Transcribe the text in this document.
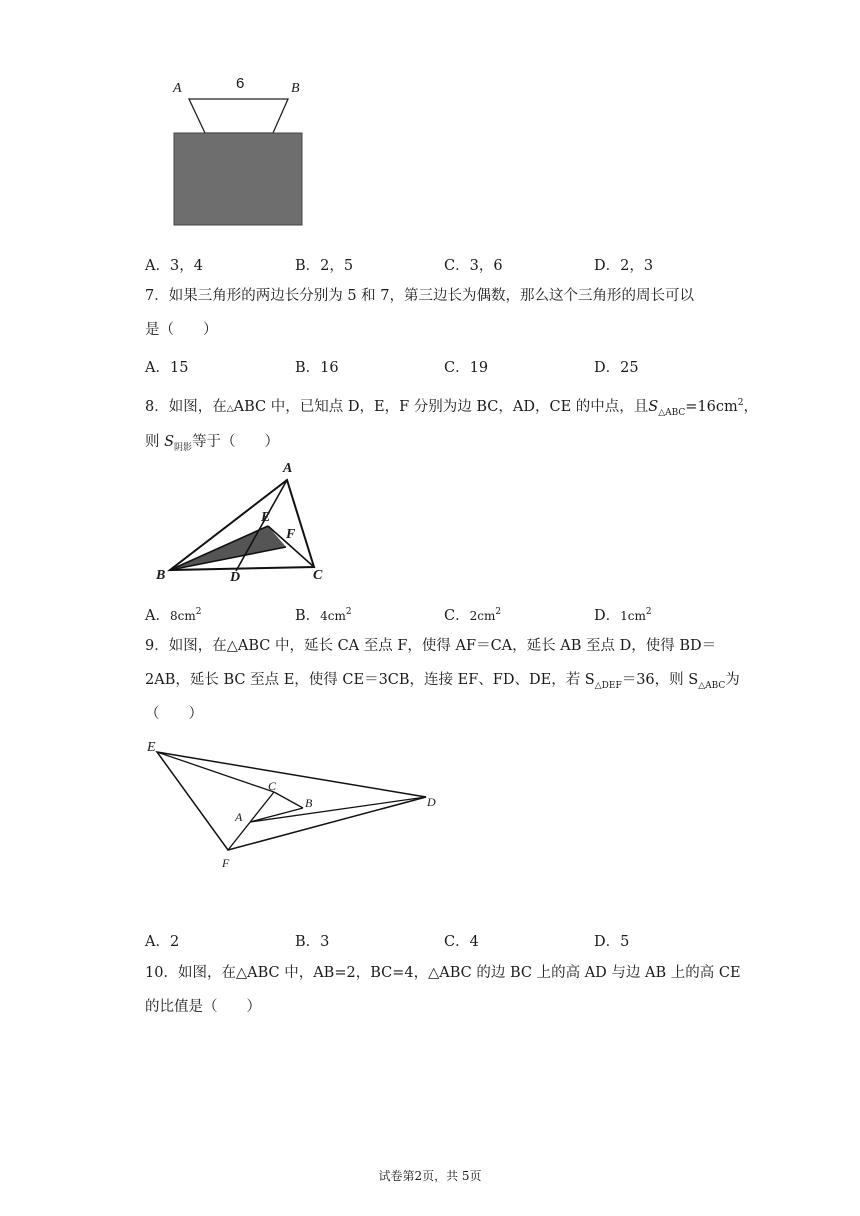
A	B
6
A．3，4	B．2，5	C．3，6	D．2，3
7．如果三角形的两边长分别为 5 和 7，第三边长为偶数，那么这个三角形的周长可以
是（　　）
A．15	B．16	C．19	D．25
8．如图，在△ABC 中，已知点 D，E，F 分别为边 BC，AD，CE 的中点，且$S_{\triangle ABC}=16cm^2$，
则 $S_{阴影}$等于（　　）
A
B	C
D
E
F
A．$8cm^2$	B．$4cm^2$	C．$2cm^2$	D．$1cm^2$
9．如图，在△ABC 中，延长 CA 至点 F，使得 AF＝CA，延长 AB 至点 D，使得 BD＝
2AB，延长 BC 至点 E，使得 CE＝3CB，连接 EF、FD、DE，若 $S_{\triangle DEF}=36$，则 $S_{\triangle ABC}$为
（　　）
E
C
B
A
D
F
A．2	B．3	C．4	D．5
10．如图，在△ABC 中，AB=2，BC=4，△ABC 的边 BC 上的高 AD 与边 AB 上的高 CE
的比值是（　　）
试卷第2页，共 5页
